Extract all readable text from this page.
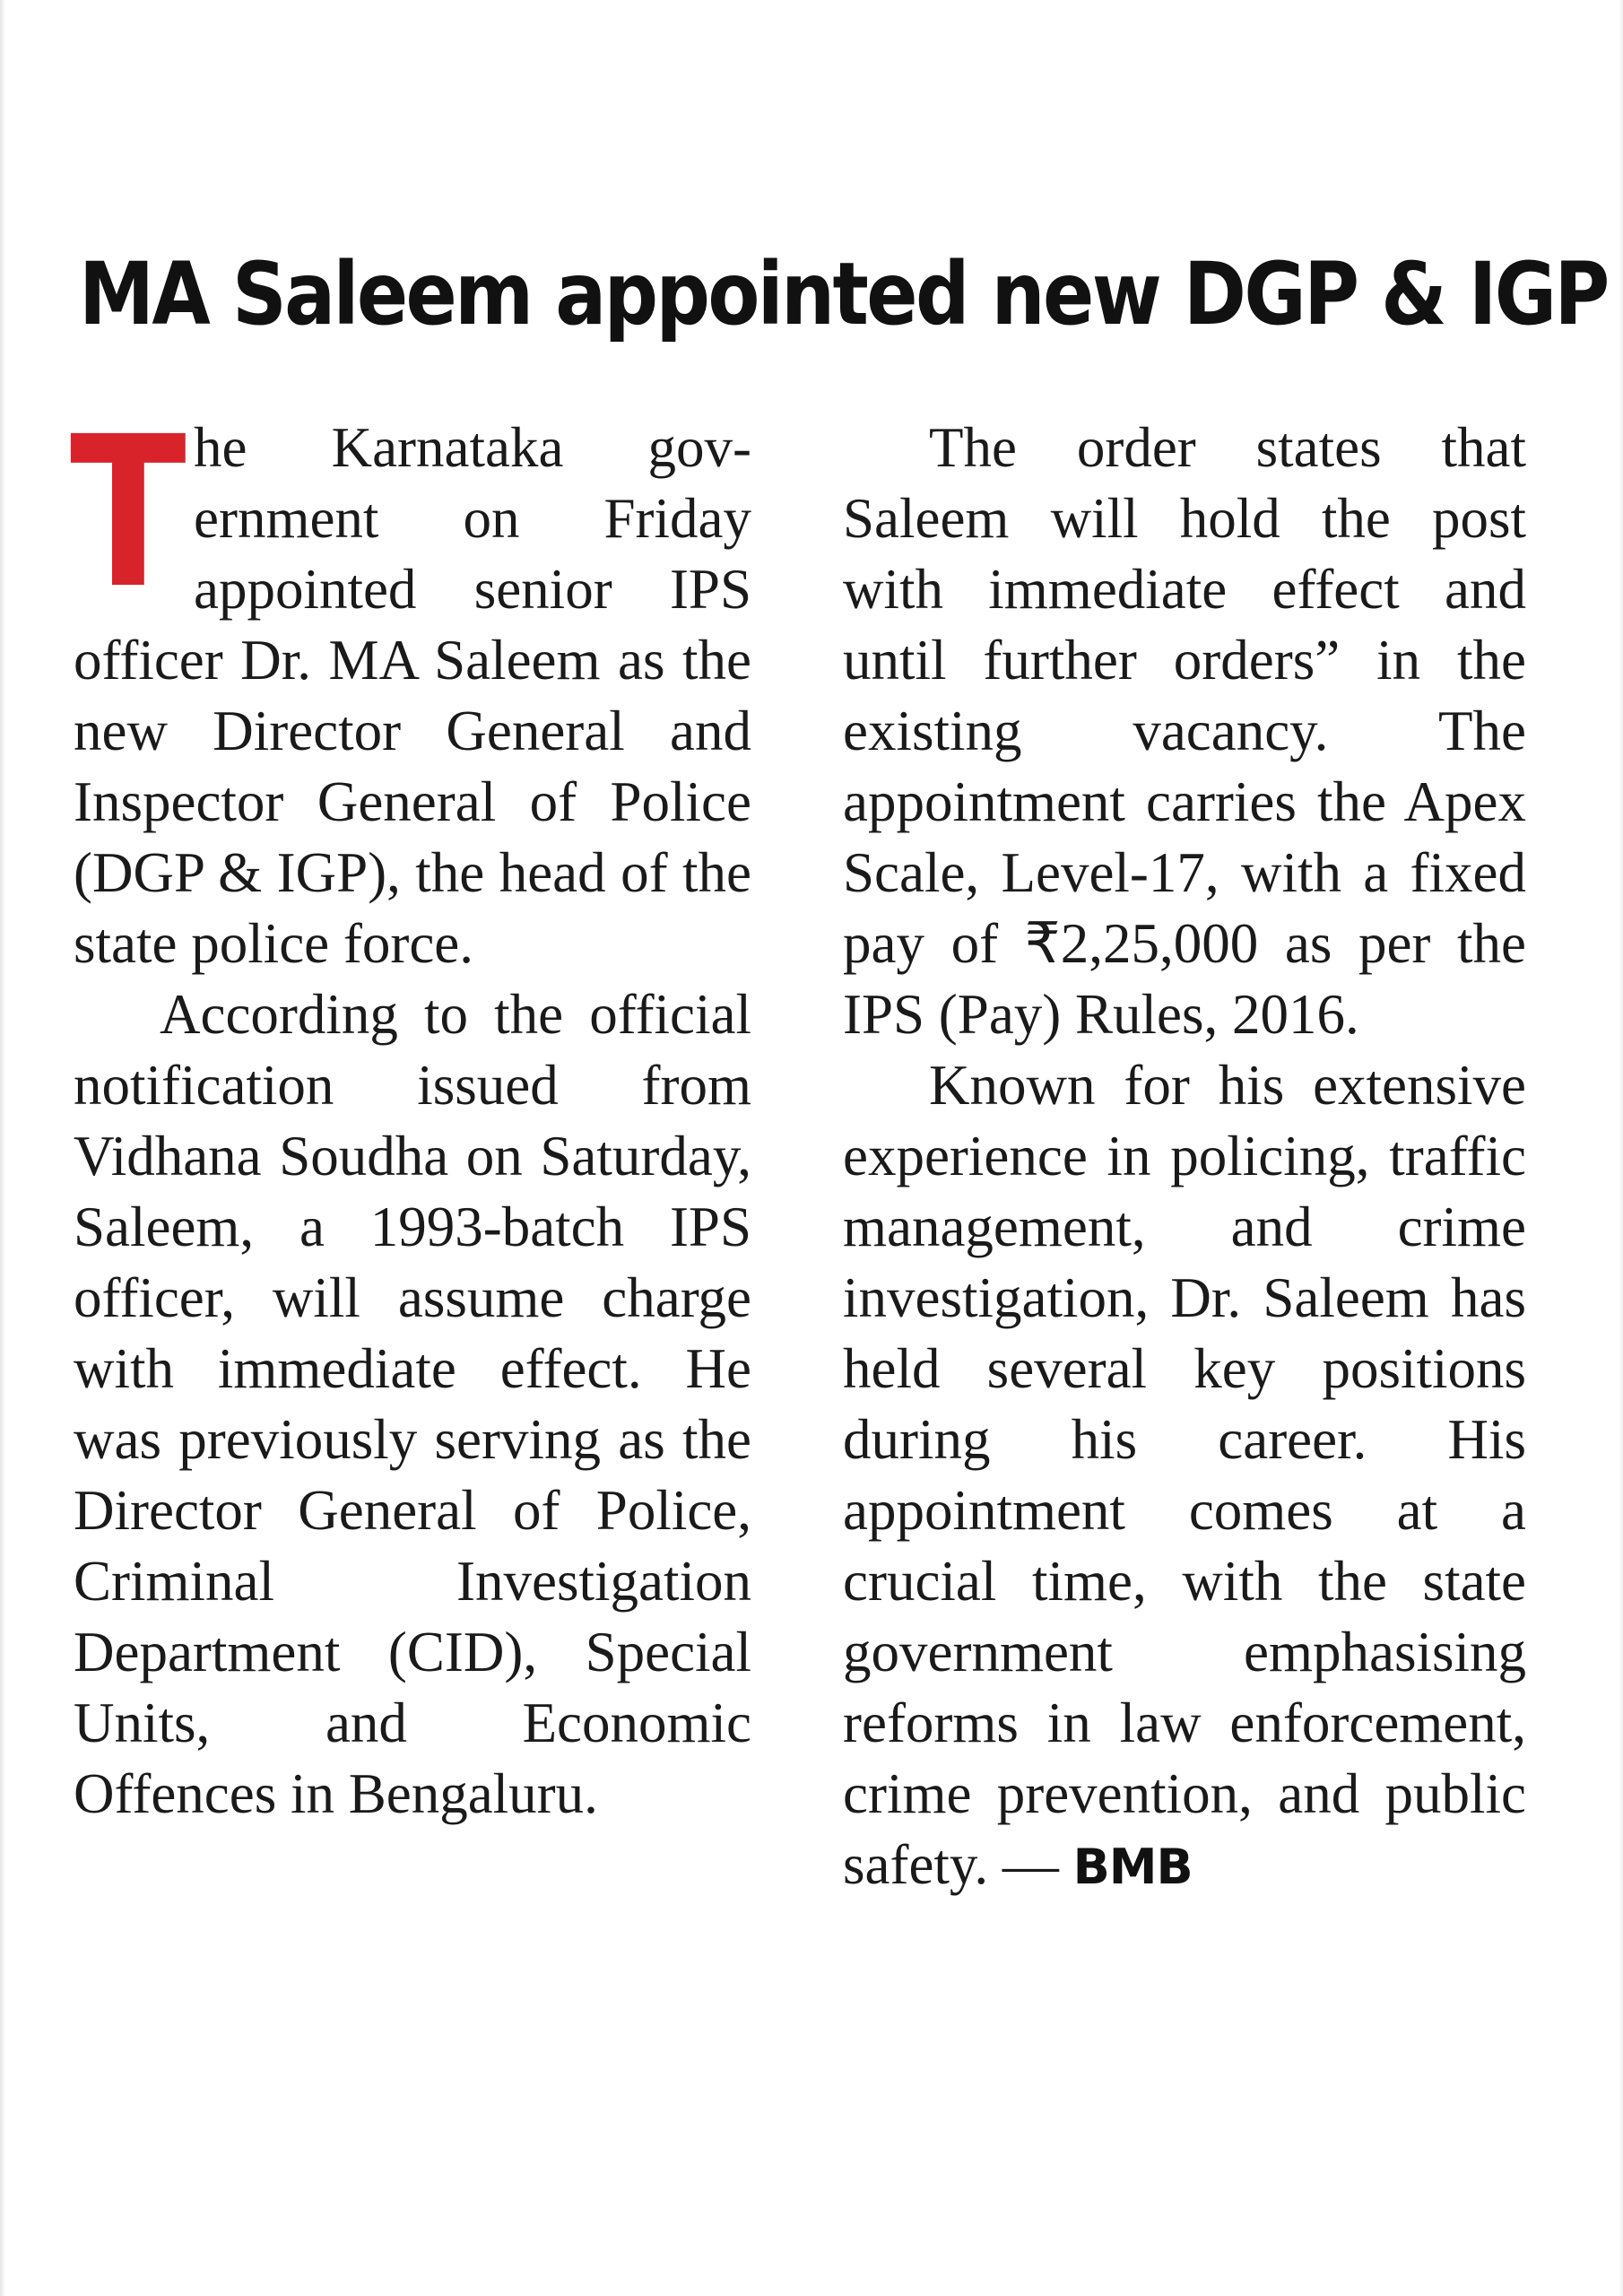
MA Saleem appointed new DGP & IGP

The Karnataka government on Friday appointed senior IPS officer Dr. MA Saleem as the new Director General and Inspector General of Police (DGP & IGP), the head of the state police force.

According to the official notification issued from Vidhana Soudha on Saturday, Saleem, a 1993-batch IPS officer, will assume charge with immediate effect. He was previously serving as the Director General of Police, Criminal Investigation Department (CID), Special Units, and Economic Offences in Bengaluru.

The order states that Saleem will hold the post with immediate effect and until further orders” in the existing vacancy. The appointment carries the Apex Scale, Level-17, with a fixed pay of ₹2,25,000 as per the IPS (Pay) Rules, 2016.

Known for his extensive experience in policing, traffic management, and crime investigation, Dr. Saleem has held several key positions during his career. His appointment comes at a crucial time, with the state government emphasising reforms in law enforcement, crime prevention, and public safety. — BMB
